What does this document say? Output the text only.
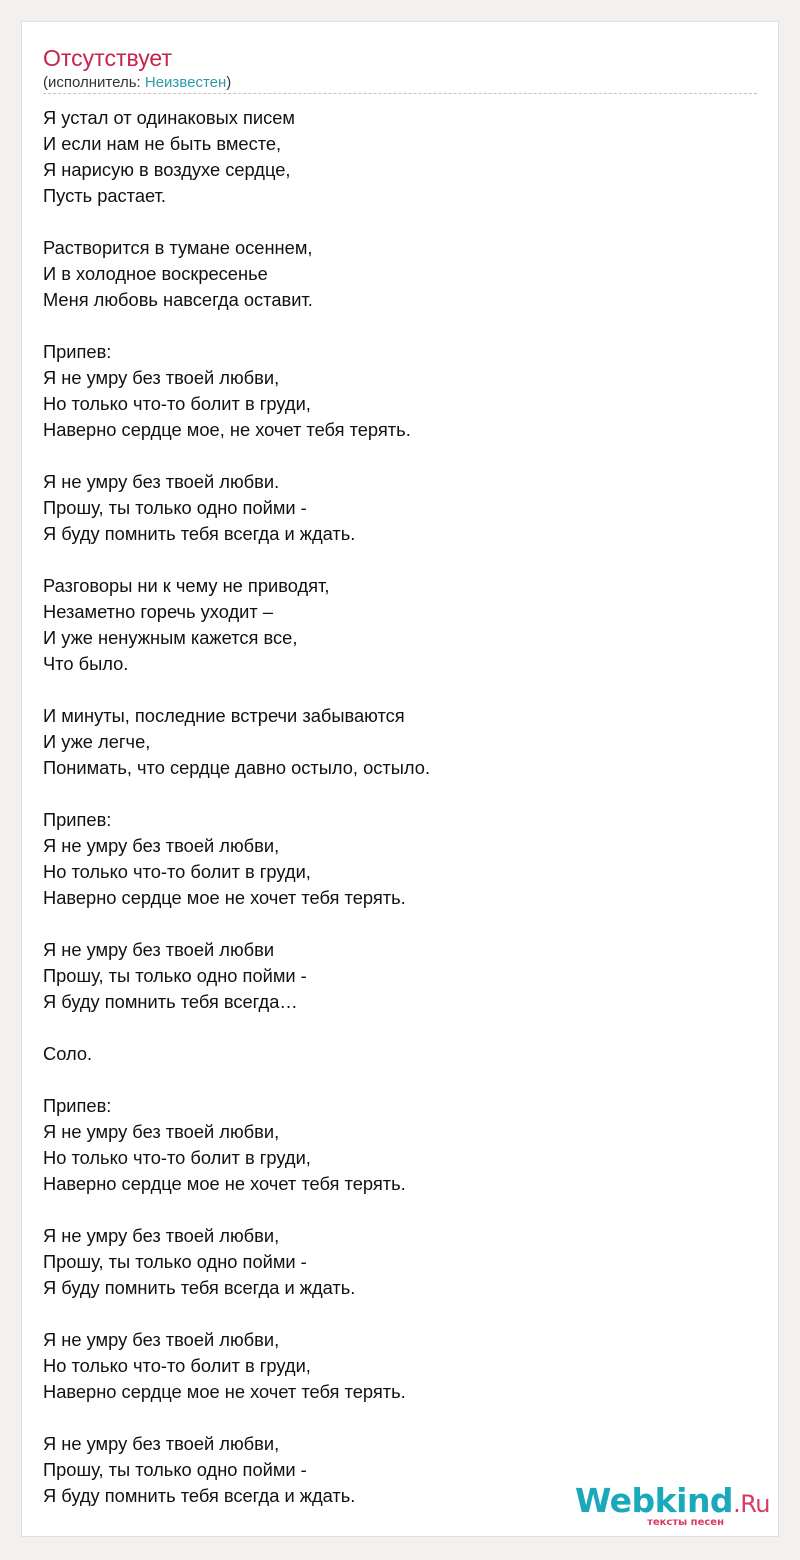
Отсутствует
(исполнитель: Неизвестен)
Я устал от одинаковых писем
И если нам не быть вместе,
Я нарисую в воздухе сердце,
Пусть растает.
Растворится в тумане осеннем,
И в холодное воскресенье
Меня любовь навсегда оставит.
Припев:
Я не умру без твоей любви,
Но только что-то болит в груди,
Наверно сердце мое, не хочет тебя терять.
Я не умру без твоей любви.
Прошу, ты только одно пойми -
Я буду помнить тебя всегда и ждать.
Разговоры ни к чему не приводят,
Незаметно горечь уходит –
И уже ненужным кажется все,
Что было.
И минуты, последние встречи забываются
И уже легче,
Понимать, что сердце давно остыло, остыло.
Припев:
Я не умру без твоей любви,
Но только что-то болит в груди,
Наверно сердце мое не хочет тебя терять.
Я не умру без твоей любви
Прошу, ты только одно пойми -
Я буду помнить тебя всегда…
Соло.
Припев:
Я не умру без твоей любви,
Но только что-то болит в груди,
Наверно сердце мое не хочет тебя терять.
Я не умру без твоей любви,
Прошу, ты только одно пойми -
Я буду помнить тебя всегда и ждать.
Я не умру без твоей любви,
Но только что-то болит в груди,
Наверно сердце мое не хочет тебя терять.
Я не умру без твоей любви,
Прошу, ты только одно пойми -
Я буду помнить тебя всегда и ждать.	Webkind.Ru
тексты песен
